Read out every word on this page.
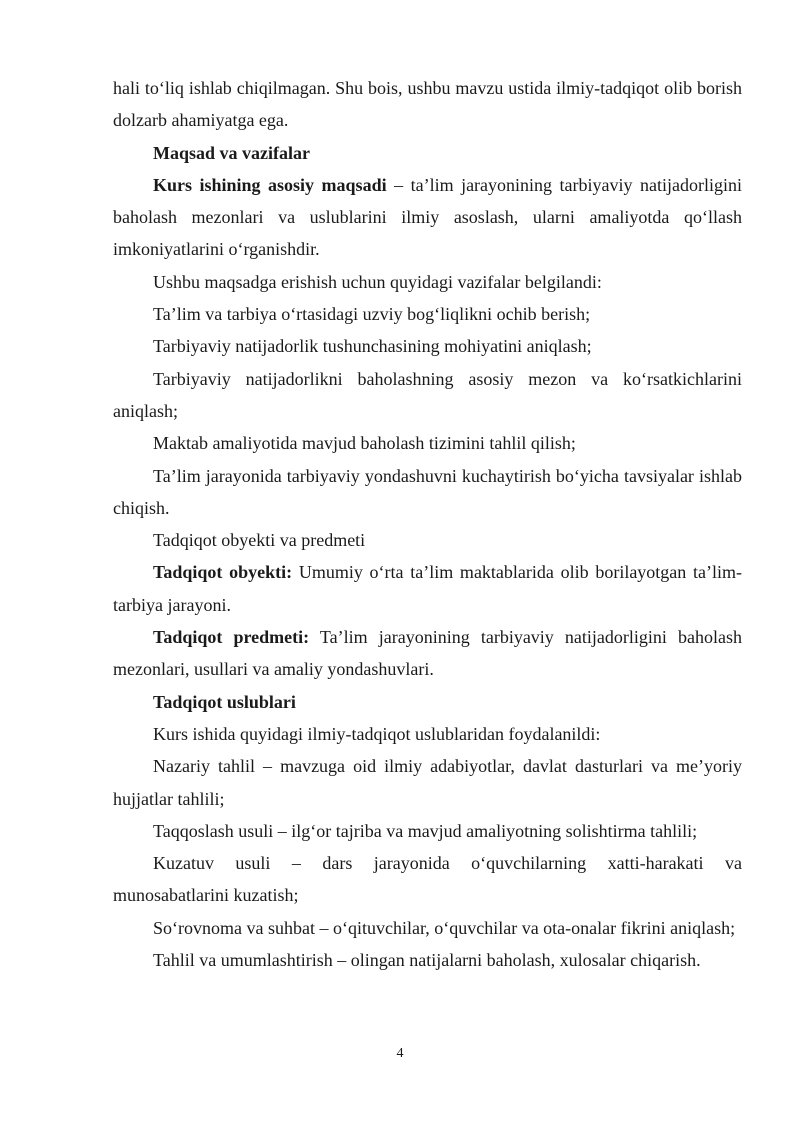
hali to‘liq ishlab chiqilmagan. Shu bois, ushbu mavzu ustida ilmiy-tadqiqot olib borish dolzarb ahamiyatga ega.

Maqsad va vazifalar

Kurs ishining asosiy maqsadi – ta’lim jarayonining tarbiyaviy natijadorligini baholash mezonlari va uslublarini ilmiy asoslash, ularni amaliyotda qo‘llash imkoniyatlarini o‘rganishdir.

Ushbu maqsadga erishish uchun quyidagi vazifalar belgilandi:

Ta’lim va tarbiya o‘rtasidagi uzviy bog‘liqlikni ochib berish;

Tarbiyaviy natijadorlik tushunchasining mohiyatini aniqlash;

Tarbiyaviy natijadorlikni baholashning asosiy mezon va ko‘rsatkichlarini aniqlash;

Maktab amaliyotida mavjud baholash tizimini tahlil qilish;

Ta’lim jarayonida tarbiyaviy yondashuvni kuchaytirish bo‘yicha tavsiyalar ishlab chiqish.

Tadqiqot obyekti va predmeti

Tadqiqot obyekti: Umumiy o‘rta ta’lim maktablarida olib borilayotgan ta’lim-tarbiya jarayoni.

Tadqiqot predmeti: Ta’lim jarayonining tarbiyaviy natijadorligini baholash mezonlari, usullari va amaliy yondashuvlari.

Tadqiqot uslublari

Kurs ishida quyidagi ilmiy-tadqiqot uslublaridan foydalanildi:

Nazariy tahlil – mavzuga oid ilmiy adabiyotlar, davlat dasturlari va me’yoriy hujjatlar tahlili;

Taqqoslash usuli – ilg‘or tajriba va mavjud amaliyotning solishtirma tahlili;

Kuzatuv usuli – dars jarayonida o‘quvchilarning xatti-harakati va munosabatlarini kuzatish;

So‘rovnoma va suhbat – o‘qituvchilar, o‘quvchilar va ota-onalar fikrini aniqlash;

Tahlil va umumlashtirish – olingan natijalarni baholash, xulosalar chiqarish.

4
